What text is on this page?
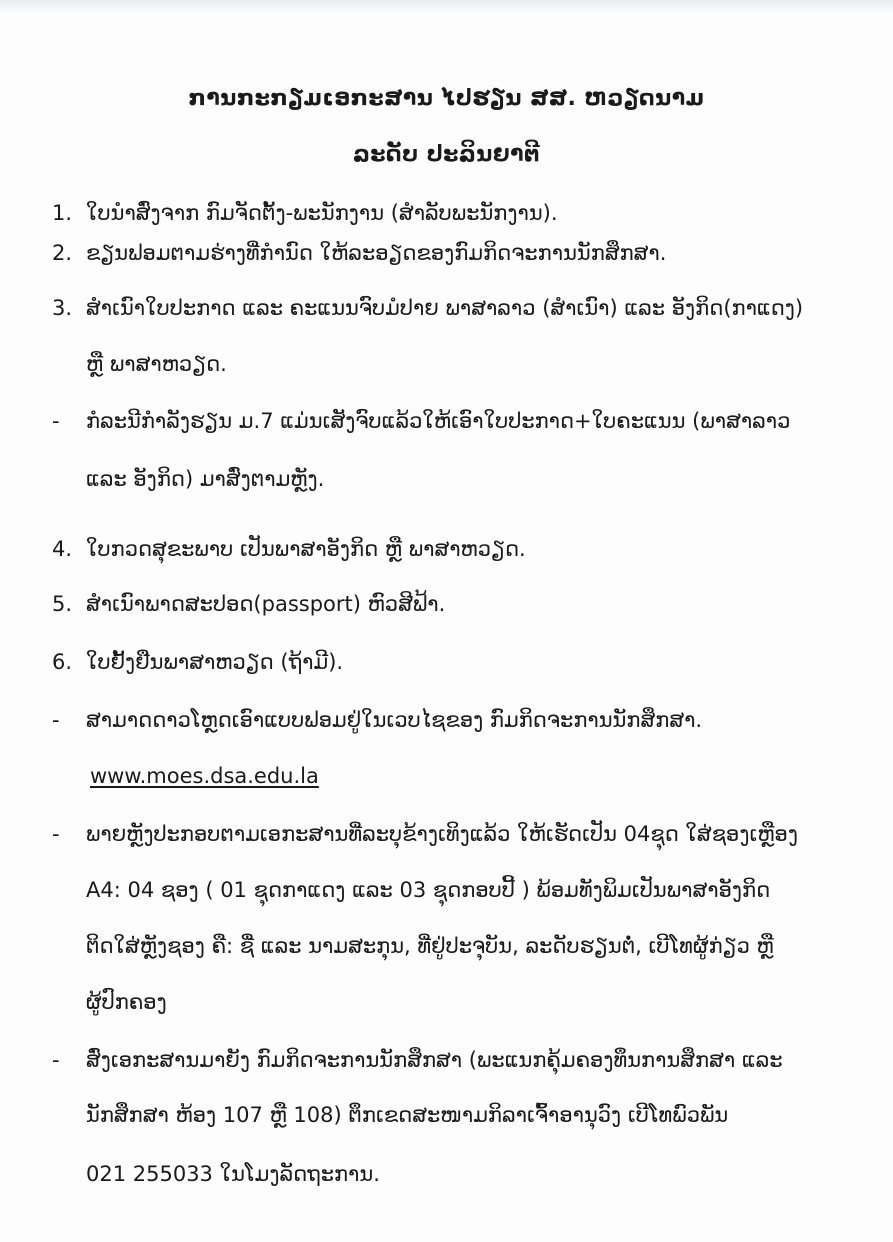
ການກະກຽມເອກະສານ ໄປຮຽນ ສສ. ຫວຽດນາມ
ລະດັບ ປະລິນຍາຕີ
1. ໃບນຳສົ່ງຈາກ ກົມຈັດຕັ້ງ-ພະນັກງານ (ສຳລັບພະນັກງານ).
2. ຂຽນຟອມຕາມຮ່າງທີ່ກຳນົດ ໃຫ້ລະອຽດຂອງກົມກິດຈະການນັກສຶກສາ.
3. ສຳເນົາໃບປະກາດ ແລະ ຄະແນນຈົບມໍປາຍ ພາສາລາວ (ສຳເນົາ) ແລະ ອັງກິດ(ກາແດງ)
ຫຼື ພາສາຫວຽດ.
- ກໍລະນີກຳລັງຮຽນ ມ.7 ແມ່ນເສັງຈົບແລ້ວໃຫ້ເອົາໃບປະກາດ+ໃບຄະແນນ (ພາສາລາວ
ແລະ ອັງກິດ) ມາສົ່ງຕາມຫຼັງ.
4. ໃບກວດສຸຂະພາບ ເປັນພາສາອັງກິດ ຫຼື ພາສາຫວຽດ.
5. ສຳເນົາພາດສະປອດ(passport) ຫົວສີຟ້າ.
6. ໃບຢັ້ງຢືນພາສາຫວຽດ (ຖ້າມີ).
- ສາມາດດາວໂຫຼດເອົາແບບຟອມຢູ່ໃນເວບໄຊຂອງ ກົມກິດຈະການນັກສຶກສາ.
www.moes.dsa.edu.la
- ພາຍຫຼັງປະກອບຕາມເອກະສານທີ່ລະບຸຂ້າງເທິງແລ້ວ ໃຫ້ເຮັດເປັນ 04ຊຸດ ໃສ່ຊອງເຫຼືອງ
A4: 04 ຊອງ ( 01 ຊຸດກາແດງ ແລະ 03 ຊຸດກອບປີ້ ) ພ້ອມທັງພິມເປັນພາສາອັງກິດ
ຕິດໃສ່ຫຼັງຊອງ ຄື: ຊື່ ແລະ ນາມສະກຸນ, ທີ່ຢູ່ປະຈຸບັນ, ລະດັບຮຽນຕໍ່, ເບີໂທຜູ້ກ່ຽວ ຫຼື
ຜູ້ປົກຄອງ
- ສົ່ງເອກະສານມາຍັງ ກົມກິດຈະການນັກສຶກສາ (ພະແນກຄຸ້ມຄອງທຶນການສຶກສາ ແລະ
ນັກສຶກສາ ຫ້ອງ 107 ຫຼື 108) ຕຶກເຂດສະໜາມກິລາເຈົ້າອານຸວົງ ເບີໂທພົວພັນ
021 255033 ໃນໂມງລັດຖະການ.
